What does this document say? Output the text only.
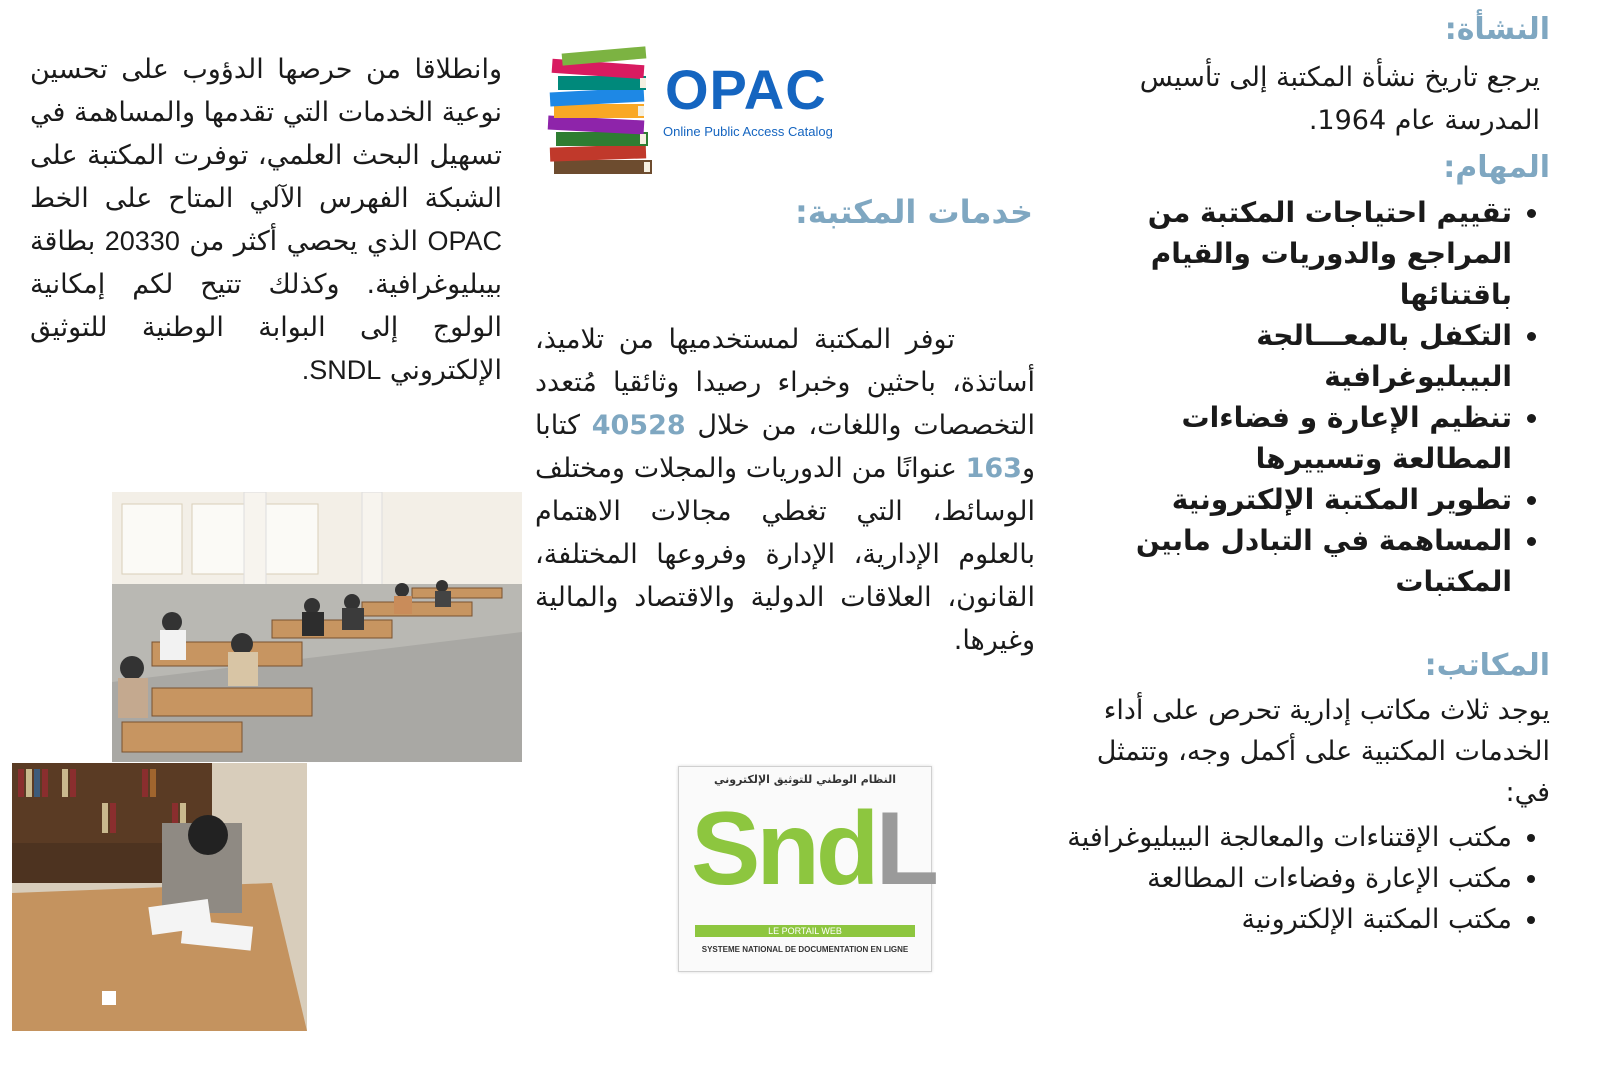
النشأة:

يرجع تاريخ نشأة المكتبة إلى تأسيس المدرسة عام 1964.

المهام:
• تقييم احتياجات المكتبة من المراجع والدوريات والقيام باقتنائها
• التكفل بالمعـــالجة البيبليوغرافية
• تنظيم الإعارة و فضاءات المطالعة وتسييرها
• تطوير المكتبة الإلكترونية
• المساهمة في التبادل مابين المكتبات
المكاتب:

يوجد ثلاث مكاتب إدارية تحرص على أداء الخدمات المكتبية على أكمل وجه، وتتمثل في:

• مكتب الإقتناءات والمعالجة البيبليوغرافية
• مكتب الإعارة وفضاءات المطالعة
• مكتب المكتبة الإلكترونية
OPAC
Online Public Access Catalog
خدمات المكتبة:

توفر المكتبة لمستخدميها من تلاميذ، أساتذة، باحثين وخبراء رصيدا وثائقيا مُتعدد التخصصات واللغات، من خلال 40528 كتابا و163 عنوانًا من الدوريات والمجلات ومختلف الوسائط، التي تغطي مجالات الاهتمام بالعلوم الإدارية، الإدارة وفروعها المختلفة، القانون، العلاقات الدولية والاقتصاد والمالية وغيرها.

النظام الوطني للتوثيق الإلكتروني
SndL
LE PORTAIL WEB
SYSTEME NATIONAL DE DOCUMENTATION EN LIGNE

وانطلاقا من حرصها الدؤوب على تحسين نوعية الخدمات التي تقدمها والمساهمة في تسهيل البحث العلمي، توفرت المكتبة على الشبكة الفهرس الآلي المتاح على الخط OPAC الذي يحصي أكثر من 20330 بطاقة بيبليوغرافية. وكذلك تتيح لكم إمكانية الولوج إلى البوابة الوطنية للتوثيق الإلكتروني SNDL.
